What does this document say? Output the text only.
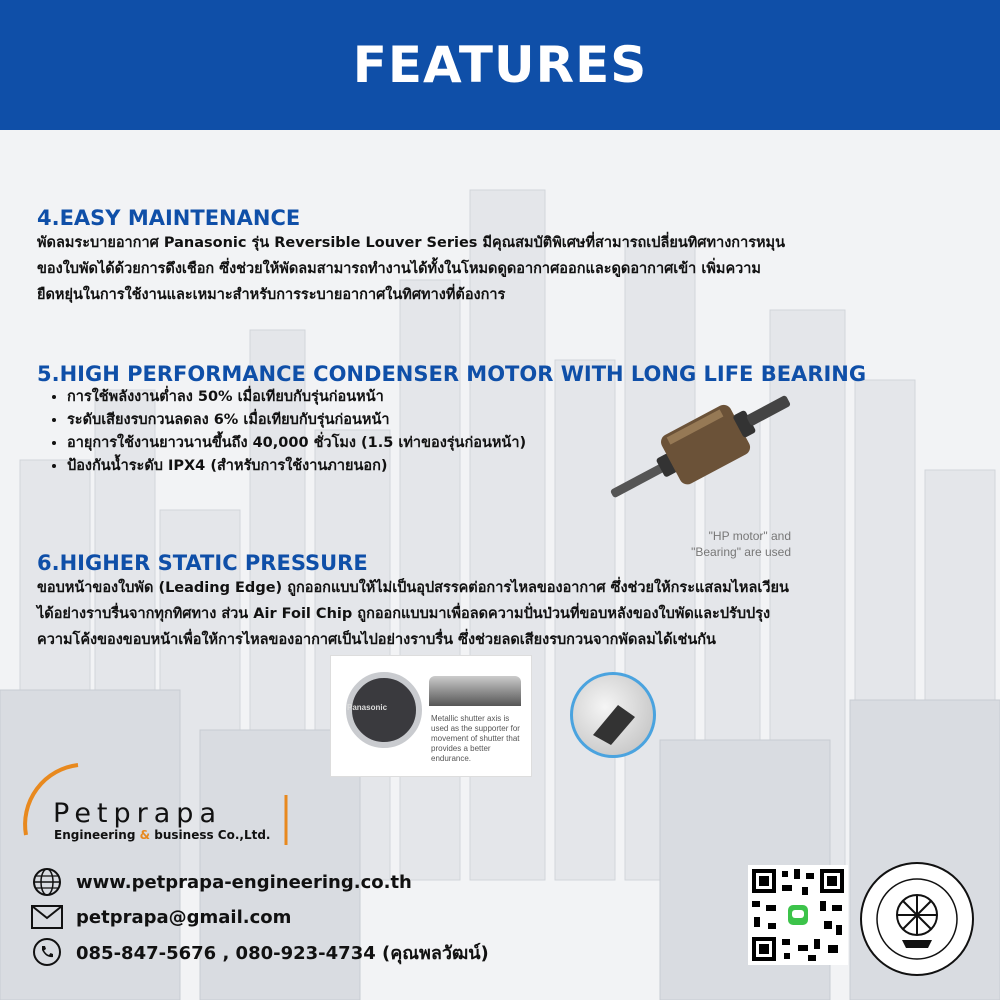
FEATURES

4.EASY MAINTENANCE

พัดลมระบายอากาศ Panasonic รุ่น Reversible Louver Series มีคุณสมบัติพิเศษที่สามารถเปลี่ยนทิศทางการหมุน

ของใบพัดได้ด้วยการดึงเชือก ซึ่งช่วยให้พัดลมสามารถทำงานได้ทั้งในโหมดดูดอากาศออกและดูดอากาศเข้า เพิ่มความ

ยืดหยุ่นในการใช้งานและเหมาะสำหรับการระบายอากาศในทิศทางที่ต้องการ

5.HIGH PERFORMANCE CONDENSER MOTOR WITH LONG LIFE BEARING

• การใช้พลังงานต่ำลง 50% เมื่อเทียบกับรุ่นก่อนหน้า
• ระดับเสียงรบกวนลดลง 6% เมื่อเทียบกับรุ่นก่อนหน้า
• อายุการใช้งานยาวนานขึ้นถึง 40,000 ชั่วโมง (1.5 เท่าของรุ่นก่อนหน้า)
• ป้องกันน้ำระดับ IPX4 (สำหรับการใช้งานภายนอก)
"HP motor" and
"Bearing" are used

6.HIGHER STATIC PRESSURE

ขอบหน้าของใบพัด (Leading Edge) ถูกออกแบบให้ไม่เป็นอุปสรรคต่อการไหลของอากาศ ซึ่งช่วยให้กระแสลมไหลเวียน

ได้อย่างราบรื่นจากทุกทิศทาง ส่วน Air Foil Chip ถูกออกแบบมาเพื่อลดความปั่นป่วนที่ขอบหลังของใบพัดและปรับปรุง

ความโค้งของขอบหน้าเพื่อให้การไหลของอากาศเป็นไปอย่างราบรื่น ซึ่งช่วยลดเสียงรบกวนจากพัดลมได้เช่นกัน

Panasonic
Metallic shutter axis is used as the supporter for movement of shutter that provides a better endurance.
Petprapa
Engineering & business Co.,Ltd.
www.petprapa-engineering.co.th
petprapa@gmail.com
085-847-5676 , 080-923-4734 (คุณพลวัฒน์)
